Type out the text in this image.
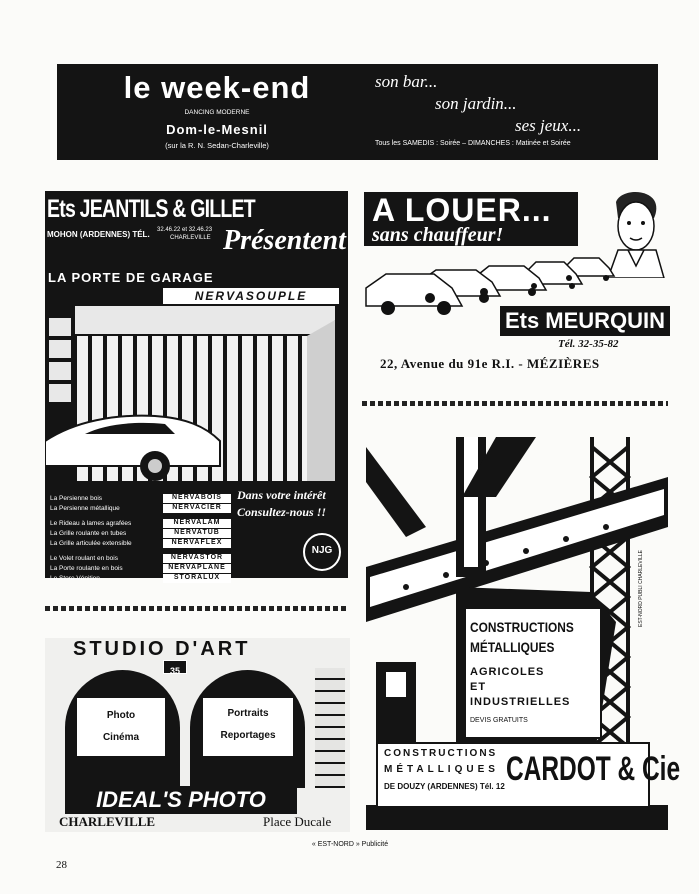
le week-end
DANCING MODERNE
Dom-le-Mesnil
(sur la R. N. Sedan-Charleville)
son bar...
son jardin...
ses jeux...
Tous les SAMEDIS : Soirée – DIMANCHES : Matinée et Soirée
Ets JEANTILS & GILLET
MOHON (ARDENNES) TÉL. 32.46.22 et 32.46.23
CHARLEVILLE Présentent
LA PORTE DE GARAGE
NERVASOUPLE
La Persienne bois	NERVABOIS
La Persienne métallique	NERVACIER
Le Rideau à lames agrafées	NERVALAM
La Grille roulante en tubes	NERVATUB
La Grille articulée extensible	NERVAFLEX
Le Volet roulant en bois	NERVASTOR
La Porte roulante en bois	NERVAPLANE
Le Store Vénitien	STORALUX
Dans votre intérêt
Consultez-nous !!
NJG
A LOUER...
sans chauffeur!
Ets MEURQUIN
Tél. 32-35-82
22, Avenue du 91e R.I. - MÉZIÈRES
CONSTRUCTIONS
MÉTALLIQUES
AGRICOLES
ET
INDUSTRIELLES
DEVIS GRATUITS
EST-NORD PUBLI CHARLEVILLE
CONSTRUCTIONS
MÉTALLIQUES
DE DOUZY (ARDENNES) Tél. 12 CARDOT & Cie
STUDIO D'ART
35
Photo
Cinéma
Portraits
Reportages
IDEAL'S PHOTO
CHARLEVILLE	Place Ducale
« EST-NORD » Publicité
28
